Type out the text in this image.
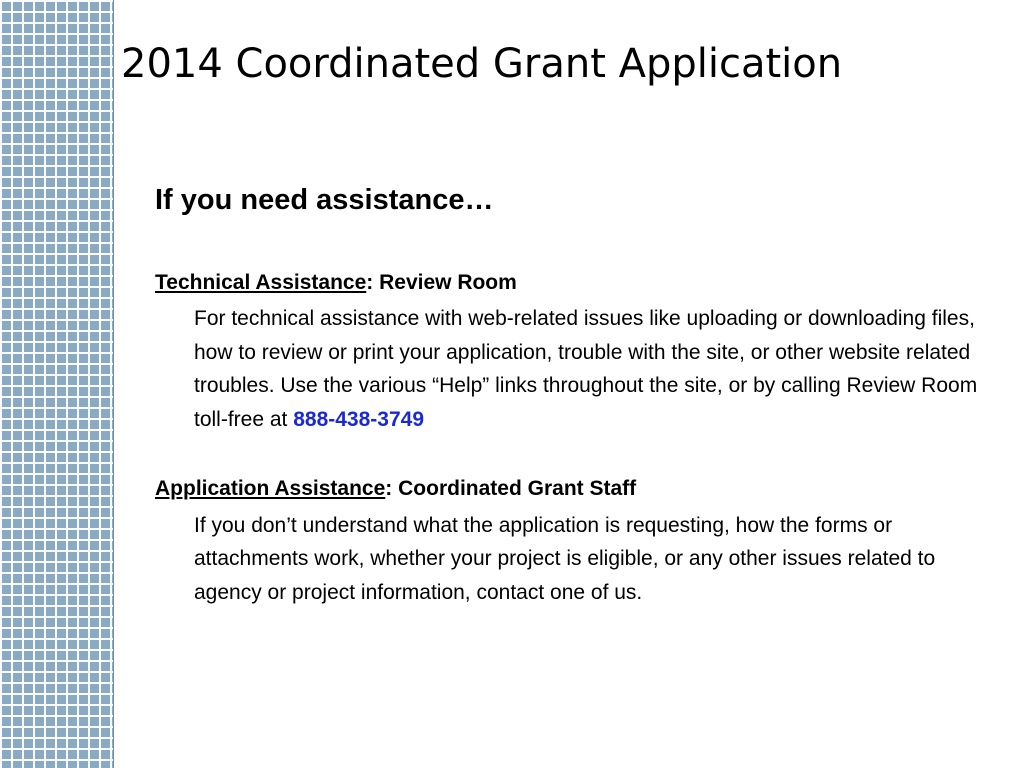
2014 Coordinated Grant Application

If you need assistance…

Technical Assistance: Review Room

For technical assistance with web-related issues like uploading or downloading files, how to review or print your application, trouble with the site, or other website related troubles. Use the various “Help” links throughout the site, or by calling Review Room toll-free at 888-438-3749

Application Assistance: Coordinated Grant Staff

If you don’t understand what the application is requesting, how the forms or attachments work, whether your project is eligible, or any other issues related to agency or project information, contact one of us.
